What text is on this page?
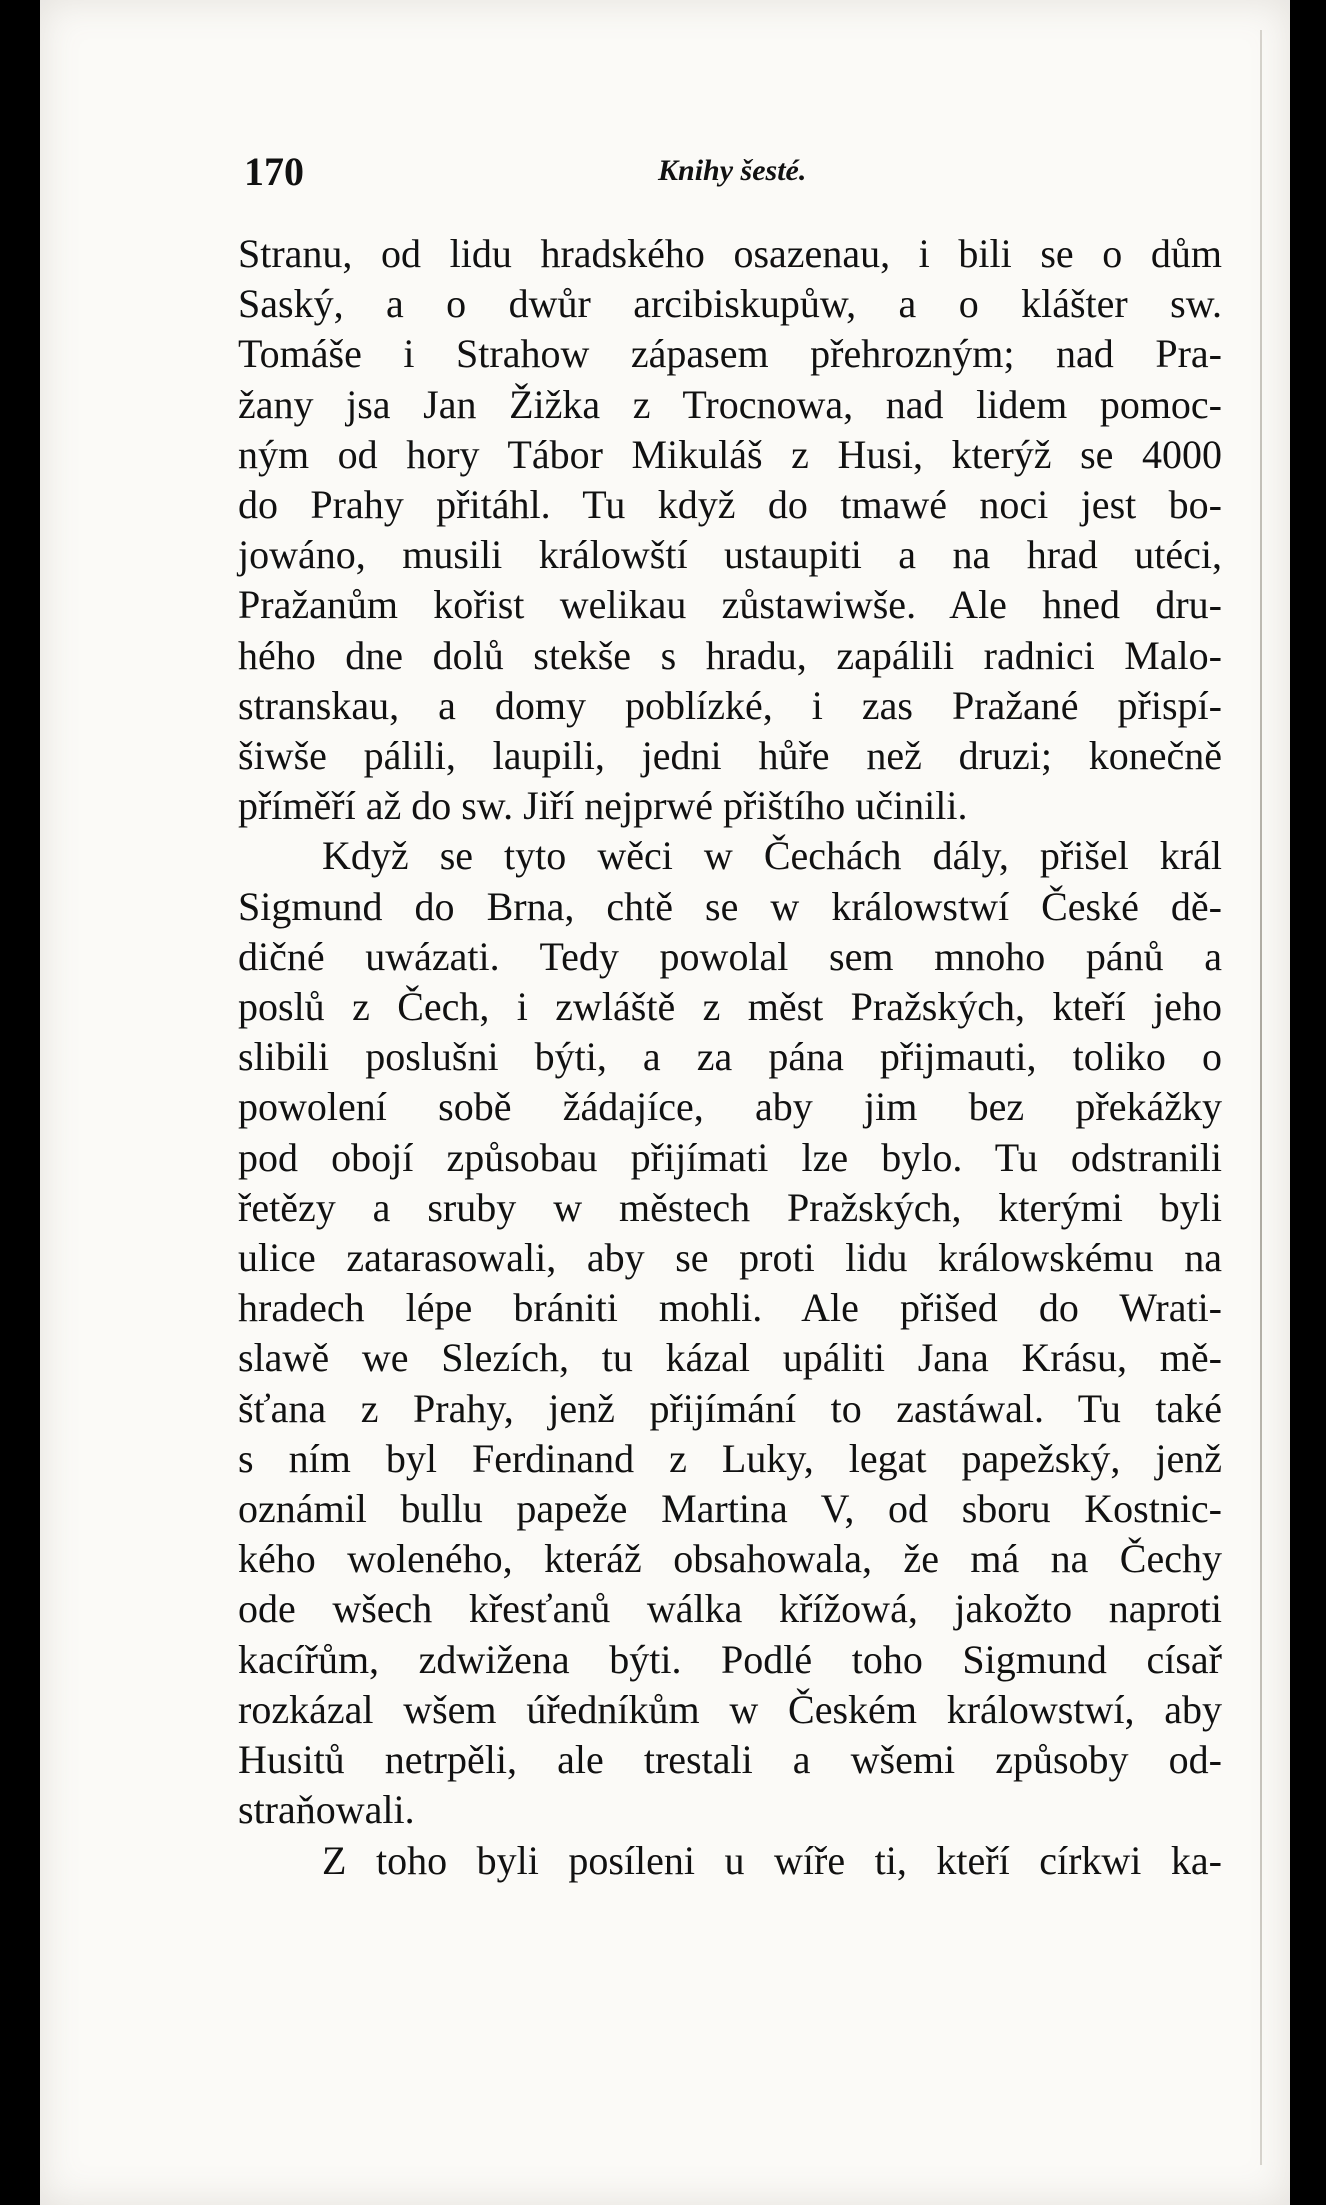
170	Knihy šesté.
Stranu, od lidu hradského osazenau, i bili se o dům
Saský, a o dwůr arcibiskupůw, a o klášter sw.
Tomáše i Strahow zápasem přehrozným; nad Pra-
žany jsa Jan Žižka z Trocnowa, nad lidem pomoc-
ným od hory Tábor Mikuláš z Husi, kterýž se 4000
do Prahy přitáhl. Tu když do tmawé noci jest bo-
jowáno, musili králowští ustaupiti a na hrad utéci,
Pražanům kořist welikau zůstawiwše. Ale hned dru-
hého dne dolů stekše s hradu, zapálili radnici Malo-
stranskau, a domy poblízké, i zas Pražané přispí-
šiwše pálili, laupili, jedni hůře než druzi; konečně
příměří až do sw. Jiří nejprwé přištího učinili.
Když se tyto wěci w Čechách dály, přišel král
Sigmund do Brna, chtě se w králowstwí České dě-
dičné uwázati. Tedy powolal sem mnoho pánů a
poslů z Čech, i zwláště z měst Pražských, kteří jeho
slibili poslušni býti, a za pána přijmauti, toliko o
powolení sobě žádajíce, aby jim bez překážky
pod obojí způsobau přijímati lze bylo. Tu odstranili
řetězy a sruby w městech Pražských, kterými byli
ulice zatarasowali, aby se proti lidu králowskému na
hradech lépe brániti mohli. Ale přišed do Wrati-
slawě we Slezích, tu kázal upáliti Jana Krásu, mě-
šťana z Prahy, jenž přijímání to zastáwal. Tu také
s ním byl Ferdinand z Luky, legat papežský, jenž
oznámil bullu papeže Martina V, od sboru Kostnic-
kého woleného, kteráž obsahowala, že má na Čechy
ode wšech křesťanů wálka křížowá, jakožto naproti
kacířům, zdwižena býti. Podlé toho Sigmund císař
rozkázal wšem úředníkům w Českém králowstwí, aby
Husitů netrpěli, ale trestali a wšemi způsoby od-
straňowali.
Z toho byli posíleni u wíře ti, kteří církwi ka-
